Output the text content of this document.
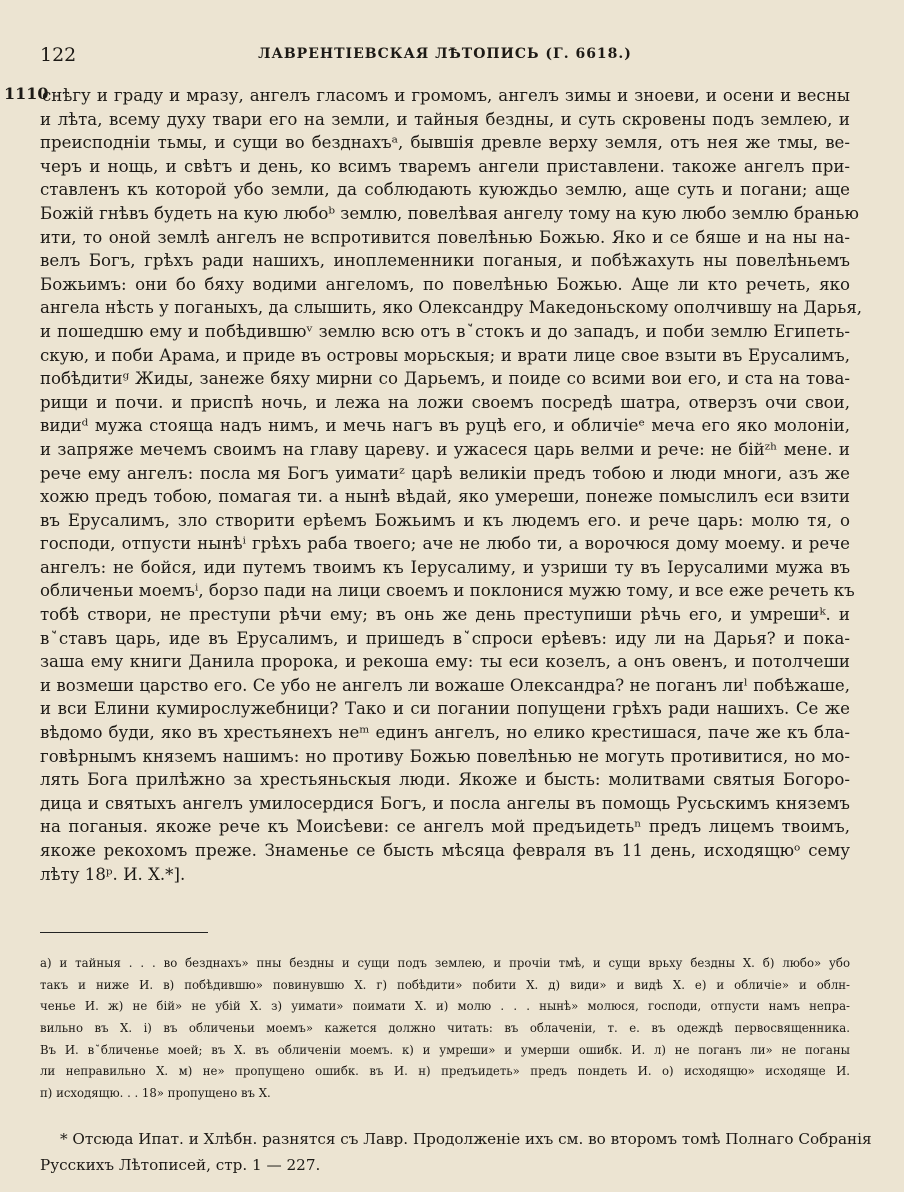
122	ЛАВРЕНТІЕВСКАЯ ЛѢТОПИСЬ (Г. 6618.)
1110
снѣгу и граду и мразу, ангелъ гласомъ и громомъ, ангелъ зимы и зноеви, и осени и весны
и лѣта, всему духу твари его на земли, и тайныя бездны, и суть скровены подъ землею, и
преисподніи тьмы, и сущи во безднахъᵃ, бывшія древле верху земля, отъ нея же тмы, ве-
черъ и нощь, и свѣтъ и день, ко всимъ тваремъ ангели приставлени. такоже ангелъ при-
ставленъ къ которой убо земли, да соблюдають куюждьо землю, аще суть и погани; аще
Божій гнѣвъ будеть на кую любоᵇ землю, повелѣвая ангелу тому на кую любо землю бранью
ити, то оной землѣ ангелъ не вспротивится повелѣнью Божью. Яко и се бяше и на ны на-
велъ Богъ, грѣхъ ради нашихъ, иноплеменники поганыя, и побѣжахуть ны повелѣньемъ
Божьимъ: они бо бяху водими ангеломъ, по повелѣнью Божью. Аще ли кто речеть, яко
ангела нѣсть у поганыхъ, да слышить, яко Олександру Македоньскому ополчившу на Дарья,
и пошедшю ему и побѣдившюᵛ землю всю отъ вꙿстокъ и до западъ, и поби землю Египеть-
скую, и поби Арама, и приде въ островы морьскыя; и врати лице свое взыти въ Ерусалимъ,
побѣдитиᵍ Жиды, занеже бяху мирни со Дарьемъ, и поиде со всими вои его, и ста на това-
рищи и почи. и приспѣ ночь, и лежа на ложи своемъ посредѣ шатра, отверзъ очи свои,
видиᵈ мужа стояща надъ нимъ, и мечь нагъ въ руцѣ его, и обличіеᵉ меча его яко молоніи,
и запряже мечемъ своимъ на главу цареву. и ужасеся царь велми и рече: не бійᶻʰ мене. и
рече ему ангелъ: посла мя Богъ уиматиᶻ царѣ великіи предъ тобою и люди многи, азъ же
хожю предъ тобою, помагая ти. а нынѣ вѣдай, яко умереши, понеже помыслилъ еси взити
въ Ерусалимъ, зло створити ерѣемъ Божьимъ и къ людемъ его. и рече царь: молю тя, о
господи, отпусти нынѣⁱ грѣхъ раба твоего; аче не любо ти, а ворочюся дому моему. и рече
ангелъ: не бойся, иди путемъ твоимъ къ Іерусалиму, и узриши ту въ Іерусалими мужа въ
обличеньи моемъⁱ, борзо пади на лици своемъ и поклонися мужю тому, и все еже речеть къ
тобѣ створи, не преступи рѣчи ему; въ онь же день преступиши рѣчь его, и умрешиᵏ. и
вꙿставъ царь, иде въ Ерусалимъ, и пришедъ вꙿспроси ерѣевъ: иду ли на Дарья? и пока-
заша ему книги Данила пророка, и рекоша ему: ты еси козелъ, а онъ овенъ, и потолчеши
и возмеши царство его. Се убо не ангелъ ли вожаше Олександра? не поганъ лиˡ побѣжаше,
и вси Елини кумирослужебници? Тако и си погании попущени грѣхъ ради нашихъ. Се же
вѣдомо буди, яко въ хрестьянехъ неᵐ единъ ангелъ, но елико крестишася, паче же къ бла-
говѣрнымъ княземъ нашимъ: но противу Божью повелѣнью не могуть противитися, но мо-
лять Бога прилѣжно за хрестьяньскыя люди. Якоже и бысть: молитвами святыя Богоро-
дица и святыхъ ангелъ умилосердися Богъ, и посла ангелы въ помощь Русьскимъ княземъ
на поганыя. якоже рече къ Моисѣеви: се ангелъ мой предъидетьⁿ предъ лицемъ твоимъ,
якоже рекохомъ преже. Знаменье се бысть мѣсяца февраля въ 11 день, исходящюᵒ сему
лѣту 18ᵖ. И. Х.*].
а) и тайныя . . . во безднахъ» пны бездны и сущи подъ землею, и прочіи тмѣ, и сущи врьху бездны Х. б) любо» убо
такъ и ниже И. в) побѣдившю» повинувшю Х. г) побѣдити» побити Х. д) види» и видѣ Х. е) и обличіе» и облн-
ченье И. ж) не бій» не убій Х. з) уимати» поимати Х. и) молю . . . нынѣ» молюся, господи, отпусти намъ непра-
вильно въ Х. і) въ обличеньи моемъ» кажется должно читать: въ облаченіи, т. е. въ одеждѣ первосвященника.
Въ И. вꙿбличенье моей; въ Х. въ обличеніи моемъ. к) и умреши» и умерши ошибк. И. л) не поганъ ли» не поганы
ли неправильно Х. м) не» пропущено ошибк. въ И. н) предъидеть» предъ пондеть И. о) исходящю» исходяще И.
п) исходящю. . . 18» пропущено въ Х.
* Отсюда Ипат. и Хлѣбн. разнятся съ Лавр. Продолженіе ихъ см. во второмъ томѣ Полнаго Собранія
Русскихъ Лѣтописей, стр. 1 — 227.
